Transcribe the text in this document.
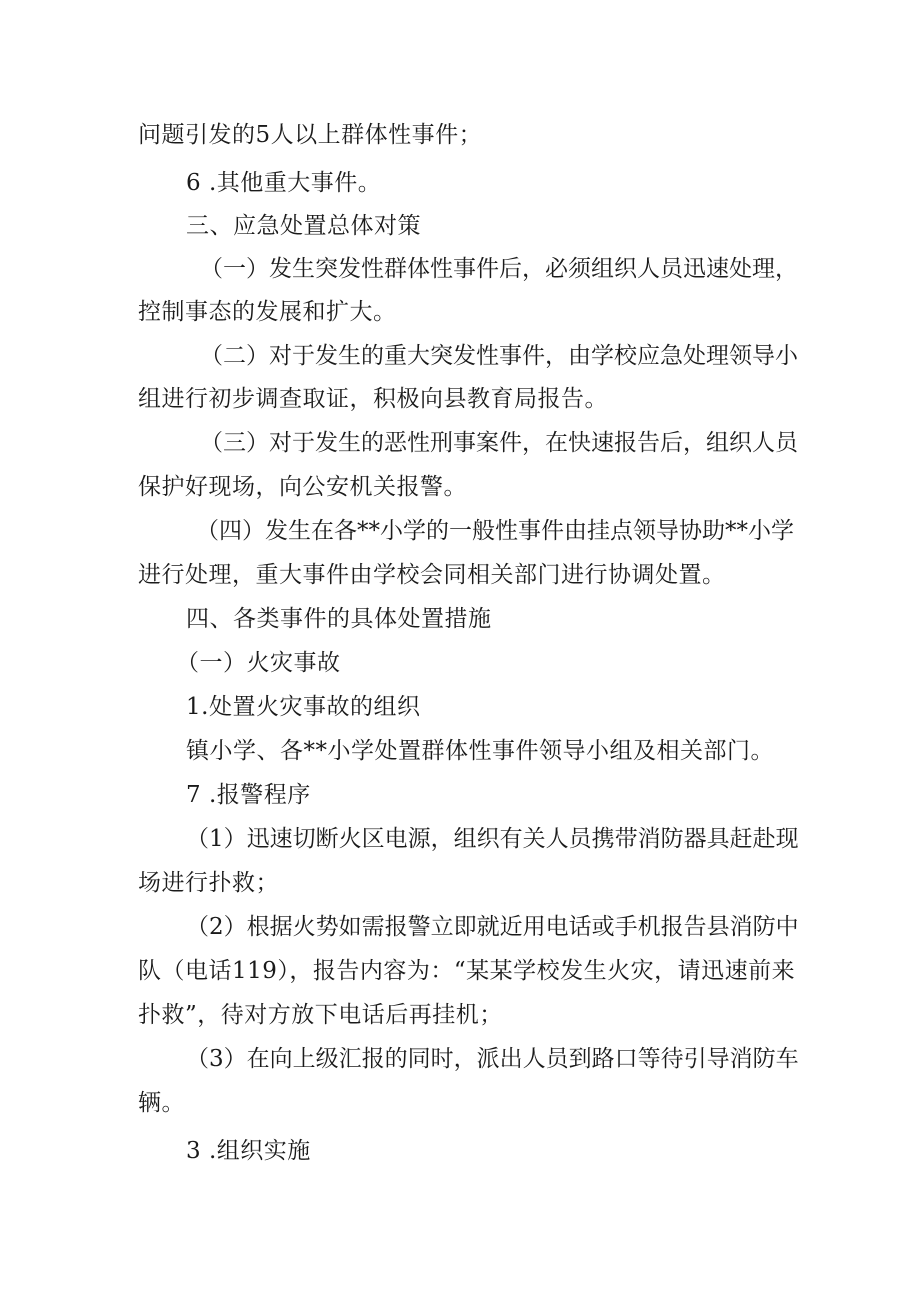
问题引发的5人以上群体性事件；
6 .其他重大事件。
三、应急处置总体对策
（一）发生突发性群体性事件后，必须组织人员迅速处理，
控制事态的发展和扩大。
（二）对于发生的重大突发性事件，由学校应急处理领导小
组进行初步调查取证，积极向县教育局报告。
（三）对于发生的恶性刑事案件，在快速报告后，组织人员
保护好现场，向公安机关报警。
（四）发生在各**小学的一般性事件由挂点领导协助**小学
进行处理，重大事件由学校会同相关部门进行协调处置。
四、各类事件的具体处置措施
（一）火灾事故
1.处置火灾事故的组织
镇小学、各**小学处置群体性事件领导小组及相关部门。
7 .报警程序
（1）迅速切断火区电源，组织有关人员携带消防器具赶赴现
场进行扑救；
（2）根据火势如需报警立即就近用电话或手机报告县消防中
队（电话119），报告内容为：“某某学校发生火灾，请迅速前来
扑救”，待对方放下电话后再挂机；
（3）在向上级汇报的同时，派出人员到路口等待引导消防车
辆。
3 .组织实施
